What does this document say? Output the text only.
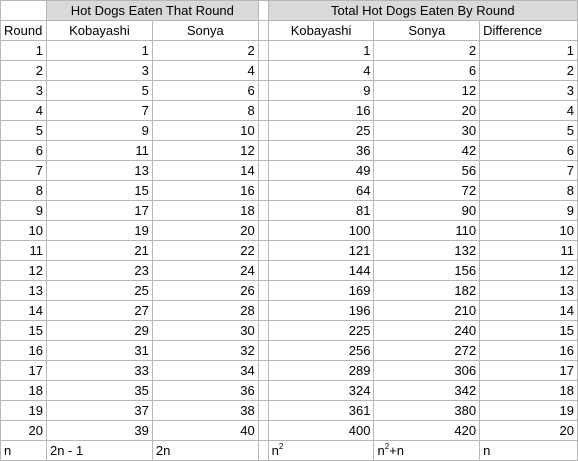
	Hot Dogs Eaten That Round			Total Hot Dogs Eaten By Round		
Round	Kobayashi	Sonya		Kobayashi	Sonya	Difference
1	1	2		1	2	1
2	3	4		4	6	2
3	5	6		9	12	3
4	7	8		16	20	4
5	9	10		25	30	5
6	11	12		36	42	6
7	13	14		49	56	7
8	15	16		64	72	8
9	17	18		81	90	9
10	19	20		100	110	10
11	21	22		121	132	11
12	23	24		144	156	12
13	25	26		169	182	13
14	27	28		196	210	14
15	29	30		225	240	15
16	31	32		256	272	16
17	33	34		289	306	17
18	35	36		324	342	18
19	37	38		361	380	19
20	39	40		400	420	20
n	2n - 1	2n		$n^2$	$n^2+n$	n
